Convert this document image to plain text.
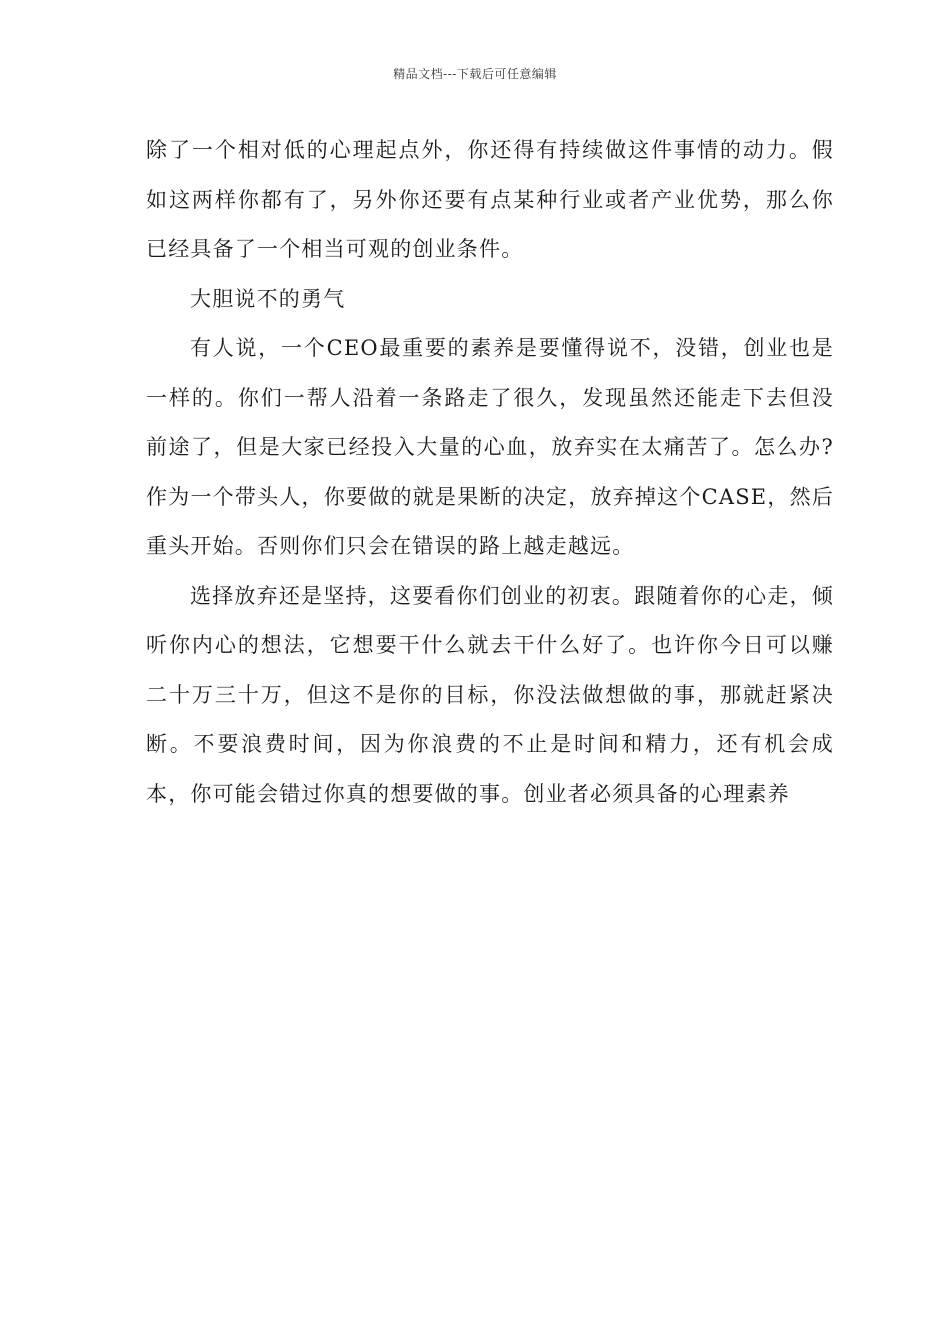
精品文档---下载后可任意编辑

除了一个相对低的心理起点外，你还得有持续做这件事情的动力。假如这两样你都有了，另外你还要有点某种行业或者产业优势，那么你已经具备了一个相当可观的创业条件。

大胆说不的勇气

有人说，一个CEO最重要的素养是要懂得说不，没错，创业也是一样的。你们一帮人沿着一条路走了很久，发现虽然还能走下去但没前途了，但是大家已经投入大量的心血，放弃实在太痛苦了。怎么办?作为一个带头人，你要做的就是果断的决定，放弃掉这个CASE，然后重头开始。否则你们只会在错误的路上越走越远。

选择放弃还是坚持，这要看你们创业的初衷。跟随着你的心走，倾听你内心的想法，它想要干什么就去干什么好了。也许你今日可以赚二十万三十万，但这不是你的目标，你没法做想做的事，那就赶紧决断。不要浪费时间，因为你浪费的不止是时间和精力，还有机会成本，你可能会错过你真的想要做的事。创业者必须具备的心理素养
